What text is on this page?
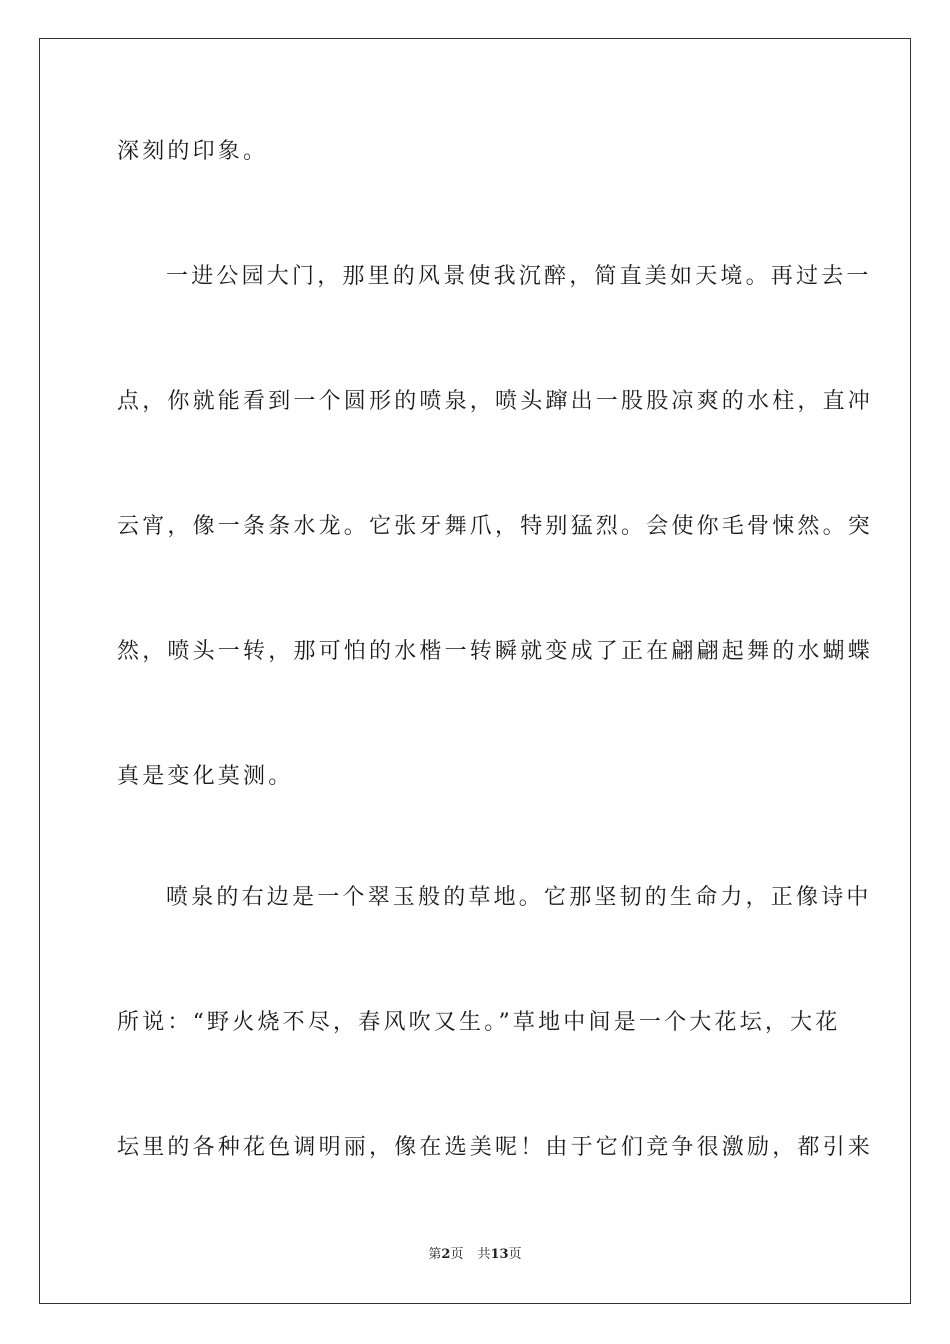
深刻的印象。
一进公园大门，那里的风景使我沉醉，简直美如天境。再过去一
点，你就能看到一个圆形的喷泉，喷头蹿出一股股凉爽的水柱，直冲
云宵，像一条条水龙。它张牙舞爪，特别猛烈。会使你毛骨悚然。突
然，喷头一转，那可怕的水楷一转瞬就变成了正在翩翩起舞的水蝴蝶
真是变化莫测。
喷泉的右边是一个翠玉般的草地。它那坚韧的生命力，正像诗中
所说：“野火烧不尽，春风吹又生。”草地中间是一个大花坛，大花
坛里的各种花色调明丽，像在选美呢！由于它们竞争很激励，都引来
第2页 共13页
